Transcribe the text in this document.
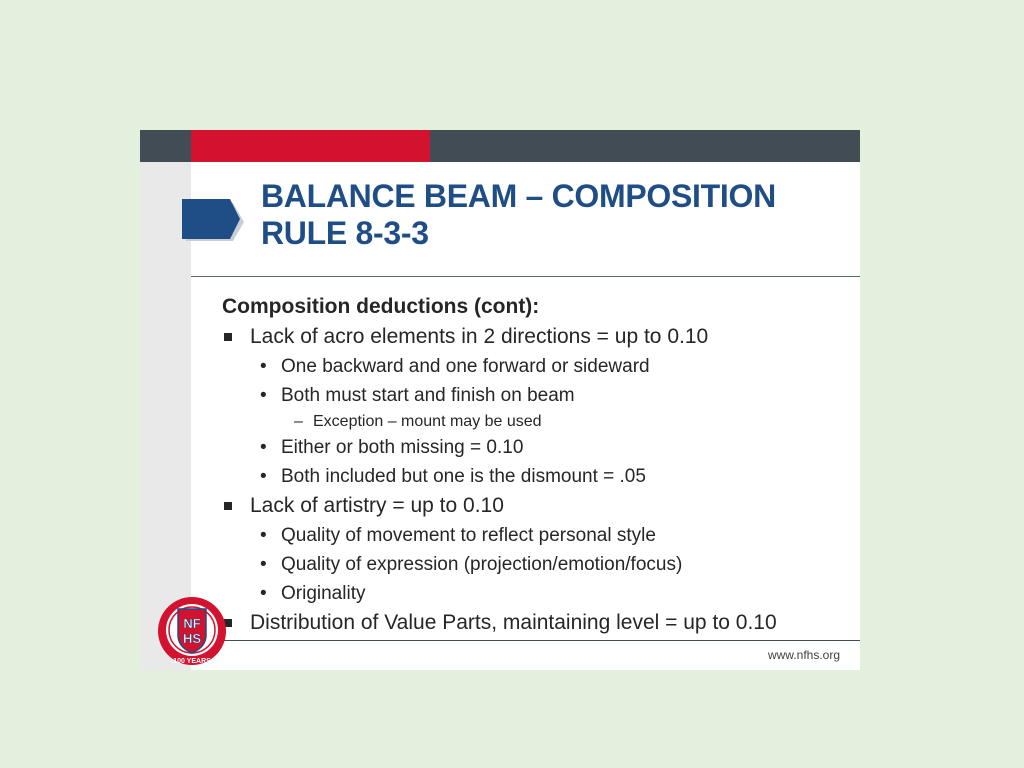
BALANCE BEAM – COMPOSITION
RULE 8-3-3
Composition deductions (cont):
Lack of acro elements in 2 directions = up to 0.10
• One backward and one forward or sideward
• Both must start and finish on beam
– Exception – mount may be used
• Either or both missing = 0.10
• Both included but one is the dismount = .05
Lack of artistry = up to 0.10
• Quality of movement to reflect personal style
• Quality of expression (projection/emotion/focus)
• Originality
Distribution of Value Parts, maintaining level = up to 0.10
www.nfhs.org
NF
HS
100 YEARS
